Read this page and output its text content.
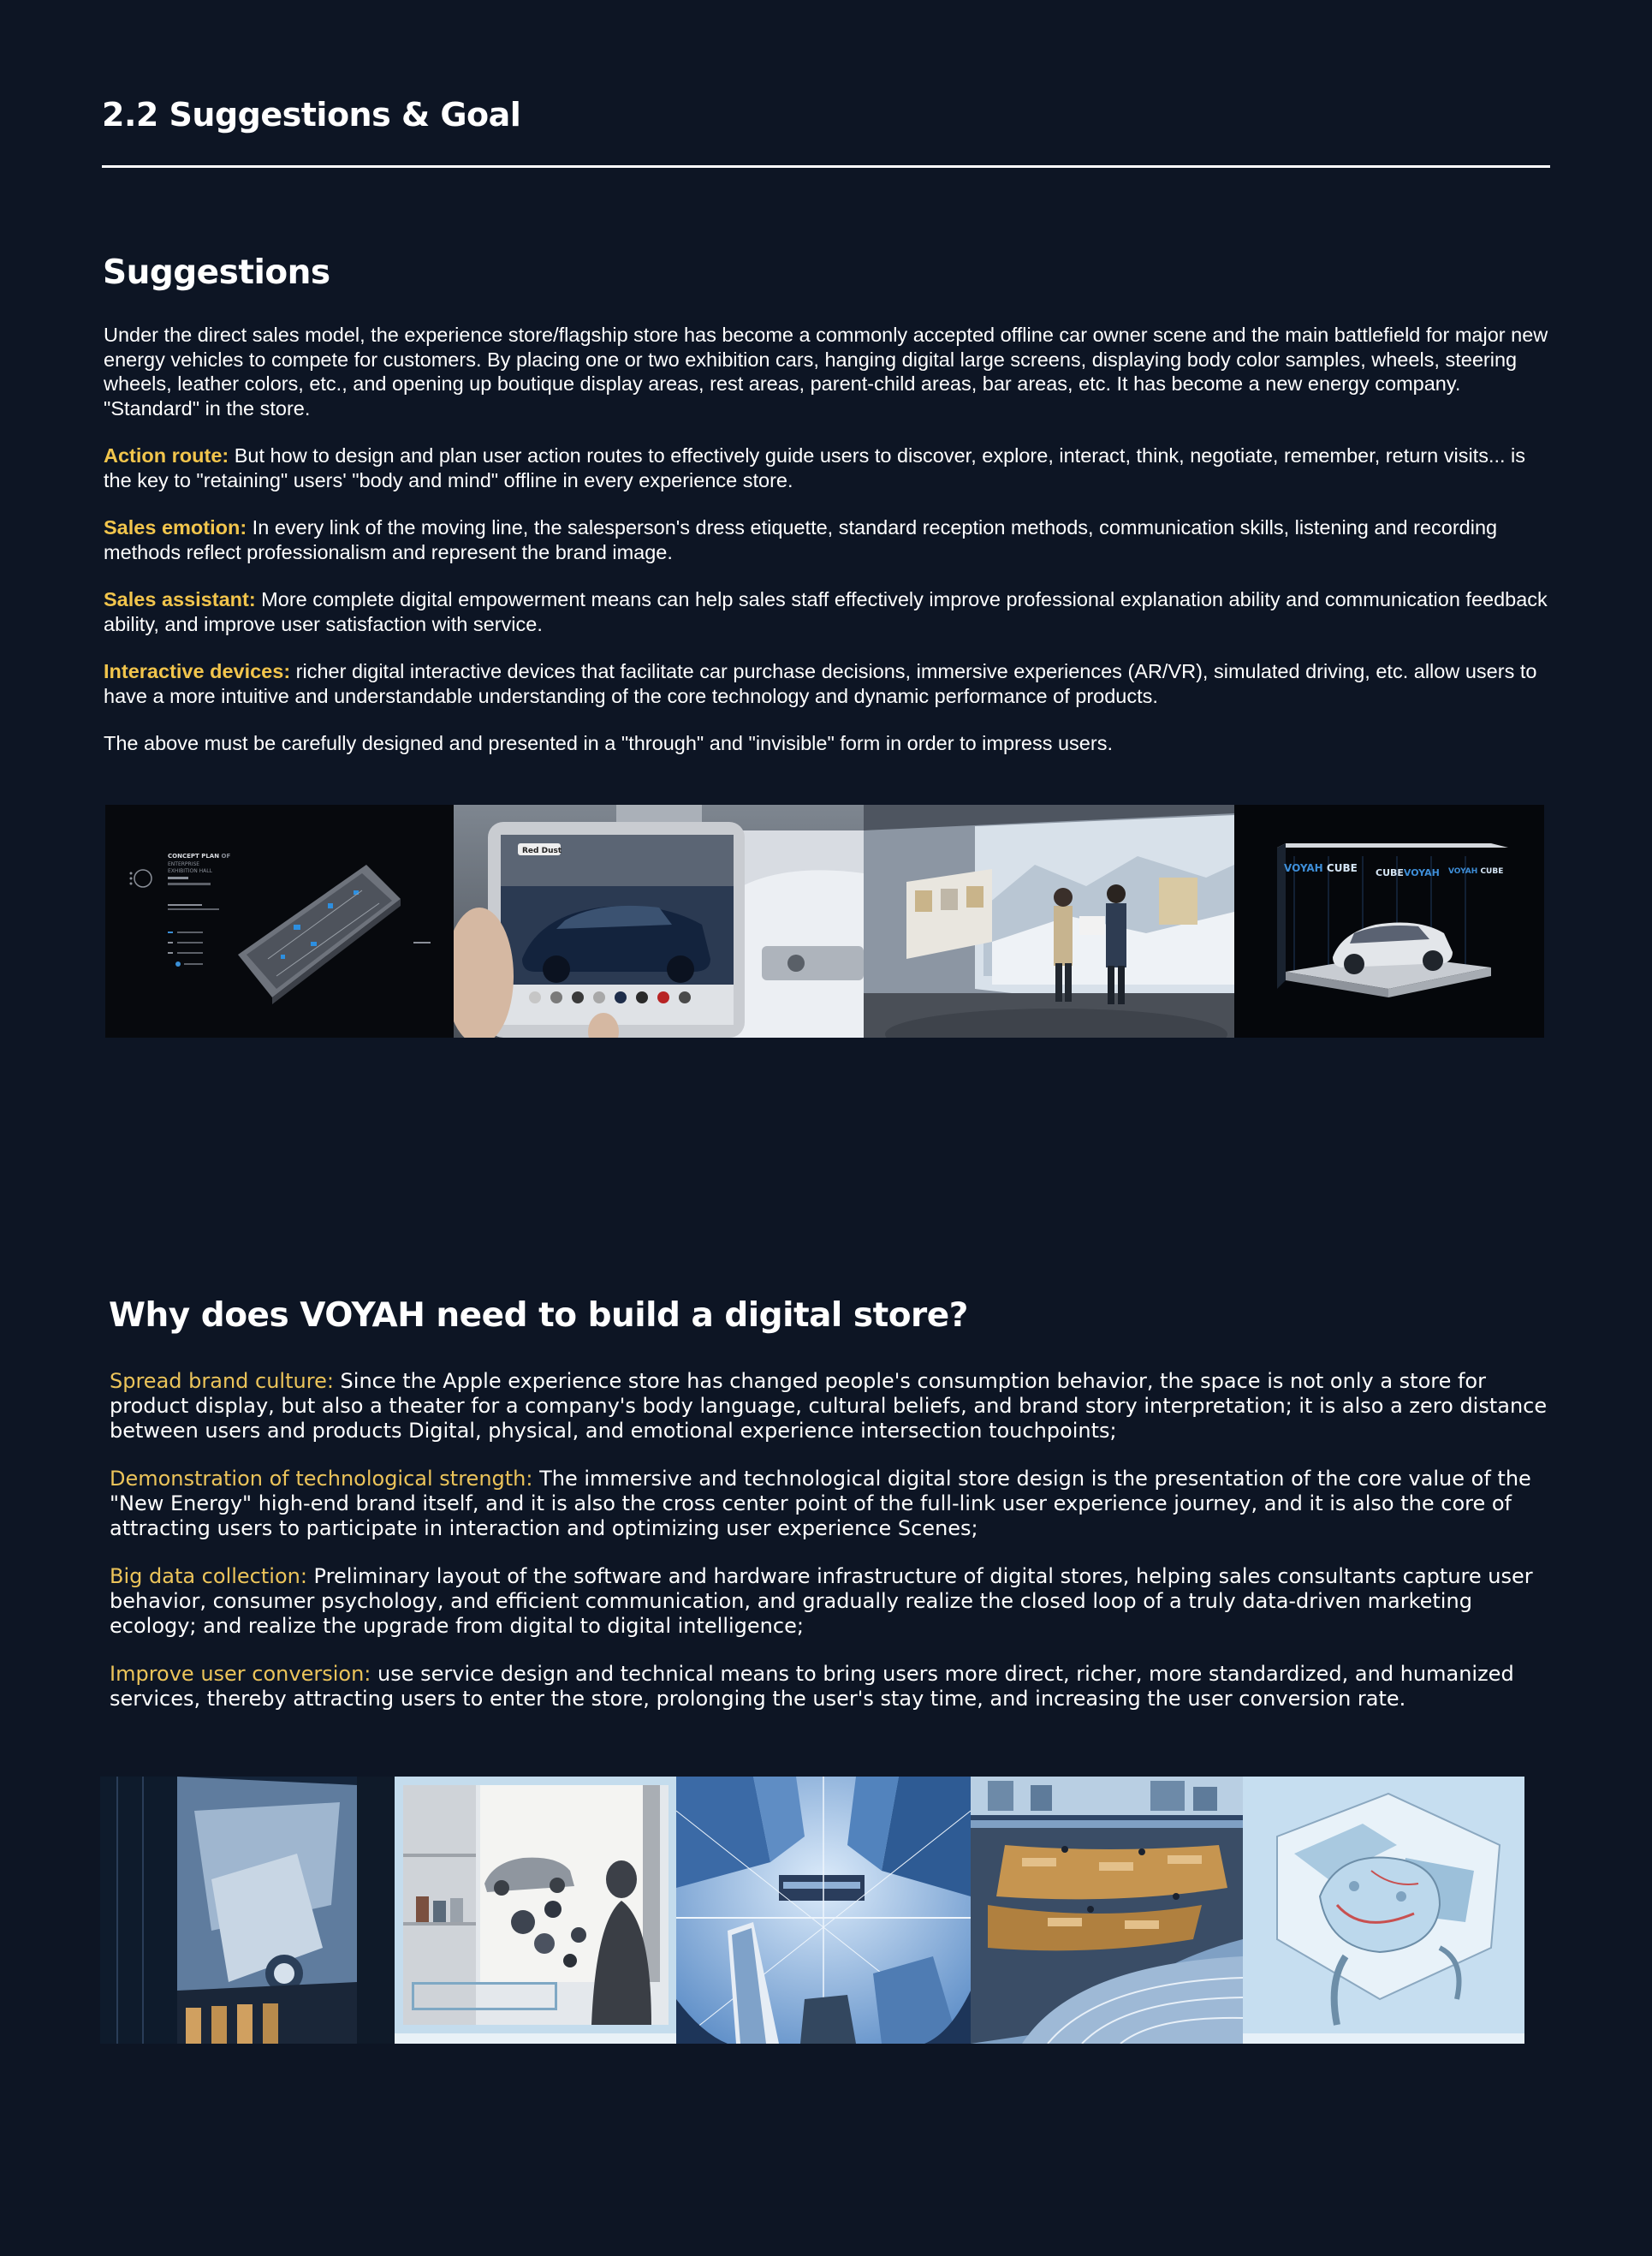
2.2 Suggestions & Goal
Suggestions

Under the direct sales model, the experience store/flagship store has become a commonly accepted offline car owner scene and the main battlefield for major new energy vehicles to compete for customers. By placing one or two exhibition cars, hanging digital large screens, displaying body color samples, wheels, steering wheels, leather colors, etc., and opening up boutique display areas, rest areas, parent-child areas, bar areas, etc. It has become a new energy company. "Standard" in the store.

Action route: But how to design and plan user action routes to effectively guide users to discover, explore, interact, think, negotiate, remember, return visits... is the key to "retaining" users' "body and mind" offline in every experience store.

Sales emotion: In every link of the moving line, the salesperson's dress etiquette, standard reception methods, communication skills, listening and recording methods reflect professionalism and represent the brand image.

Sales assistant: More complete digital empowerment means can help sales staff effectively improve professional explanation ability and communication feedback ability, and improve user satisfaction with service.

Interactive devices: richer digital interactive devices that facilitate car purchase decisions, immersive experiences (AR/VR), simulated driving, etc. allow users to have a more intuitive and understandable understanding of the core technology and dynamic performance of products.

The above must be carefully designed and presented in a "through" and "invisible" form in order to impress users.

CONCEPT PLAN OF
ENTERPRISE
EXHIBITION HALL
Red Dust
VOYAH CUBE CUBEVOYAH VOYAH CUBE
Why does VOYAH need to build a digital store?

Spread brand culture: Since the Apple experience store has changed people's consumption behavior, the space is not only a store for product display, but also a theater for a company's body language, cultural beliefs, and brand story interpretation; it is also a zero distance between users and products Digital, physical, and emotional experience intersection touchpoints;

Demonstration of technological strength: The immersive and technological digital store design is the presentation of the core value of the "New Energy" high-end brand itself, and it is also the cross center point of the full-link user experience journey, and it is also the core of attracting users to participate in interaction and optimizing user experience Scenes;

Big data collection: Preliminary layout of the software and hardware infrastructure of digital stores, helping sales consultants capture user behavior, consumer psychology, and efficient communication, and gradually realize the closed loop of a truly data-driven marketing ecology; and realize the upgrade from digital to digital intelligence;

Improve user conversion: use service design and technical means to bring users more direct, richer, more standardized, and humanized services, thereby attracting users to enter the store, prolonging the user's stay time, and increasing the user conversion rate.
